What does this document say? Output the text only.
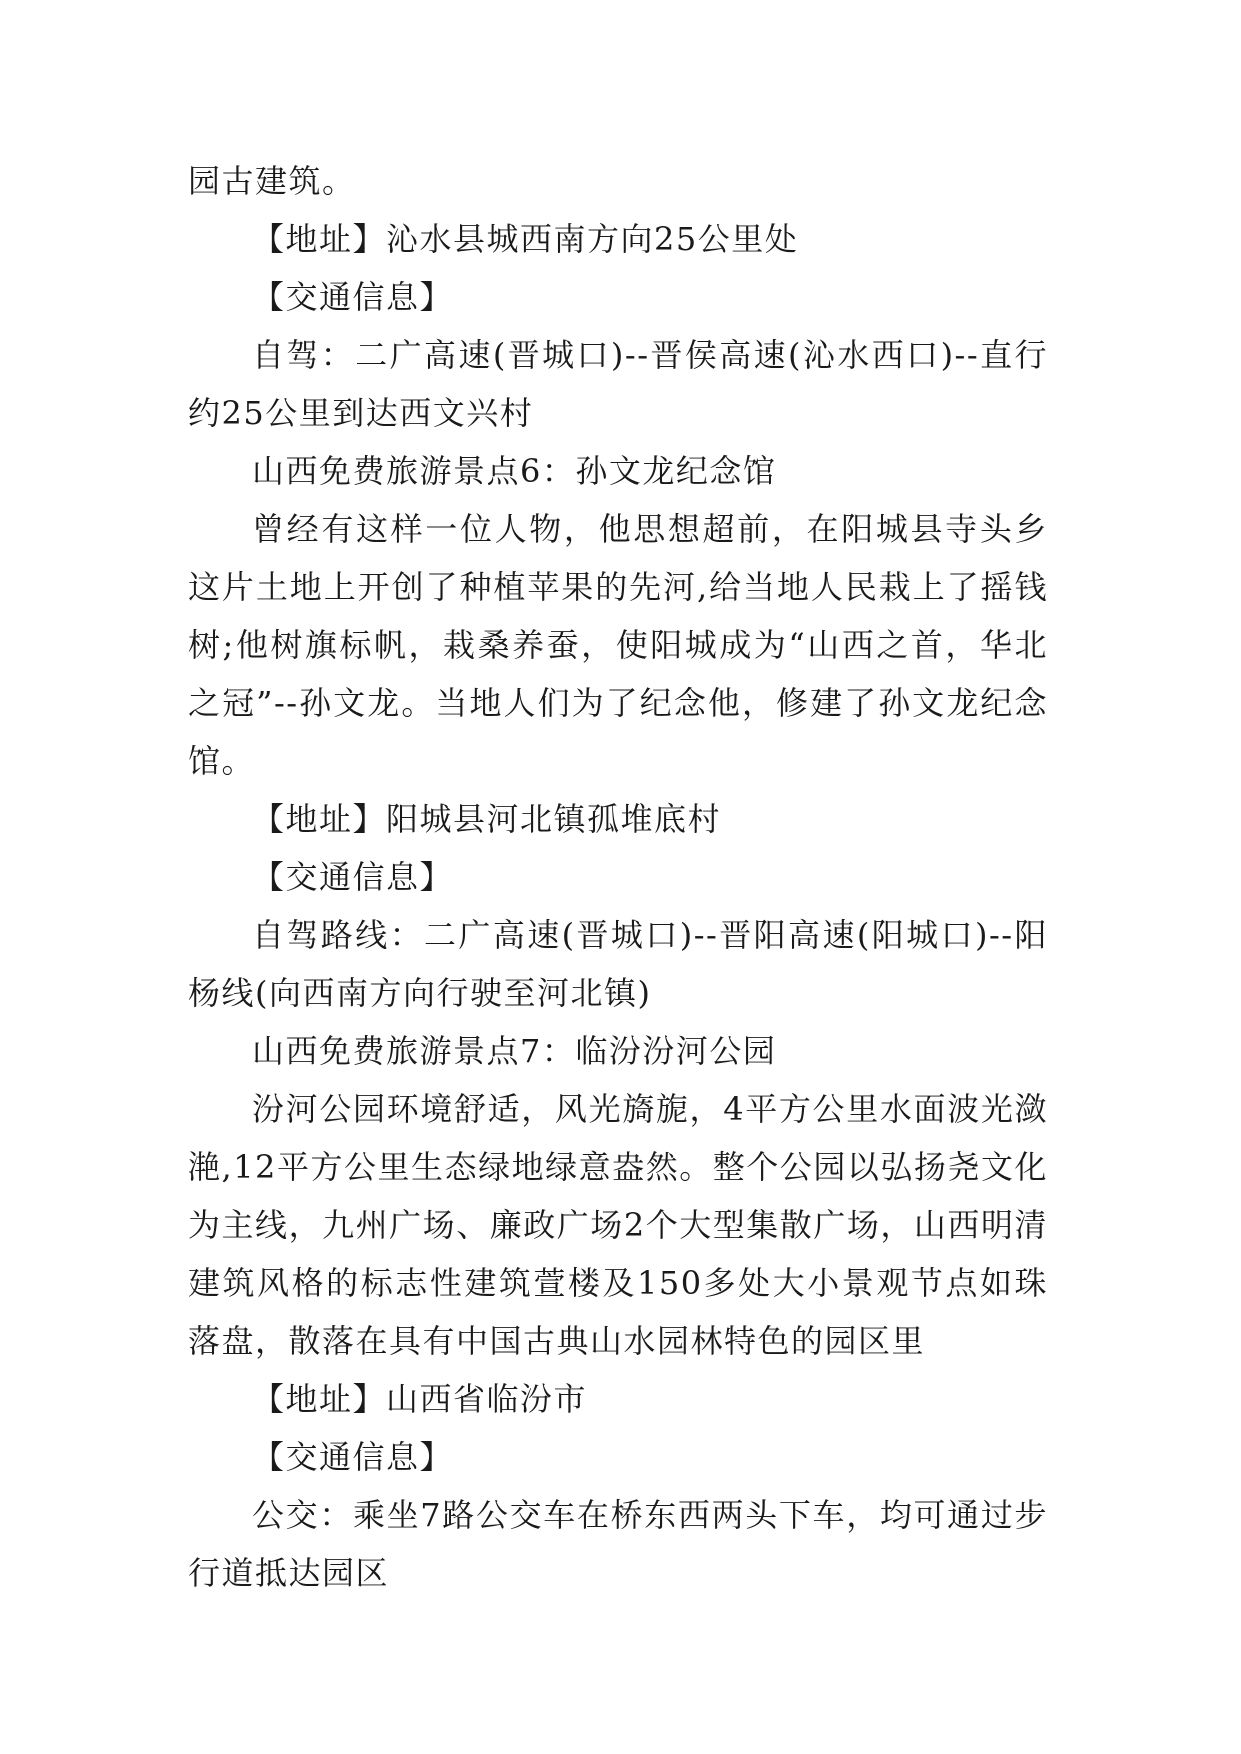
园古建筑。

【地址】沁水县城西南方向25公里处

【交通信息】

自驾：二广高速(晋城口)--晋侯高速(沁水西口)--直行约25公里到达西文兴村

山西免费旅游景点6：孙文龙纪念馆

曾经有这样一位人物，他思想超前，在阳城县寺头乡这片土地上开创了种植苹果的先河,给当地人民栽上了摇钱树;他树旗标帆，栽桑养蚕，使阳城成为“山西之首，华北之冠”--孙文龙。当地人们为了纪念他，修建了孙文龙纪念馆。

【地址】阳城县河北镇孤堆底村

【交通信息】

自驾路线：二广高速(晋城口)--晋阳高速(阳城口)--阳杨线(向西南方向行驶至河北镇)

山西免费旅游景点7：临汾汾河公园

汾河公园环境舒适，风光旖旎，4平方公里水面波光潋滟,12平方公里生态绿地绿意盎然。整个公园以弘扬尧文化为主线，九州广场、廉政广场2个大型集散广场，山西明清建筑风格的标志性建筑萱楼及150多处大小景观节点如珠落盘，散落在具有中国古典山水园林特色的园区里

【地址】山西省临汾市

【交通信息】

公交：乘坐7路公交车在桥东西两头下车，均可通过步行道抵达园区
